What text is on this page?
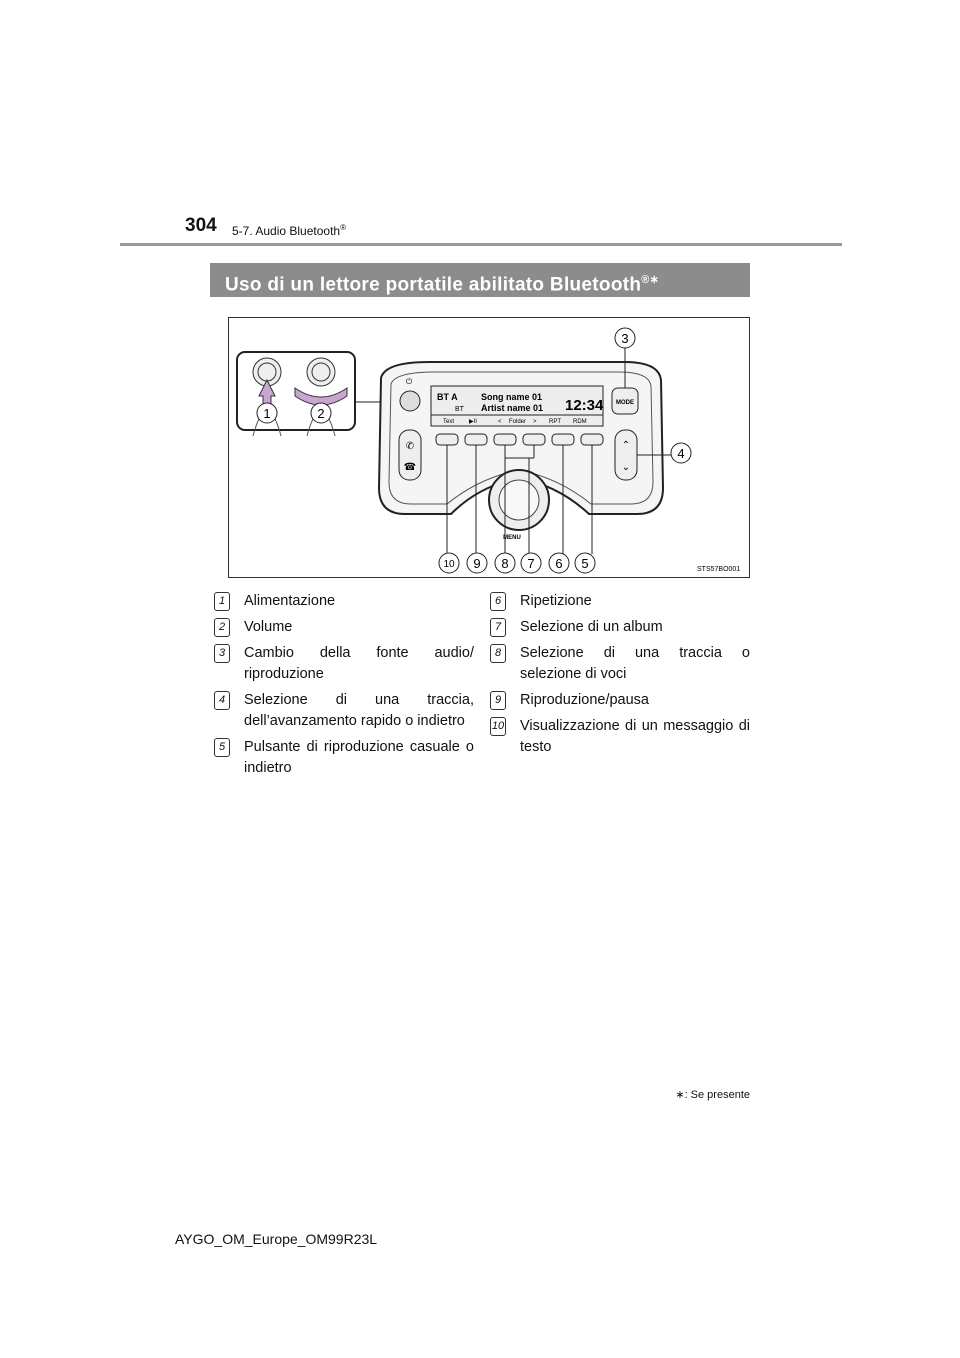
304 5-7. Audio Bluetooth®
Uso di un lettore portatile abilitato Bluetooth®∗
1	2
⏻
BT A
BT
Song name 01
Artist name 01 12:34
Text ▶II	< Folder > RPT RDM
MODE
✆
☎
⌃
⌄
MENU
3
4
5
6
7
8
9
10	STS57BO001
1	Alimentazione
2	Volume
3	Cambio della fonte audio/ riproduzione
4	Selezione di una traccia, dell’avanzamento rapido o indietro
5	Pulsante di riproduzione casuale o indietro
6	Ripetizione
7	Selezione di un album
8	Selezione di una traccia o selezione di voci
9	Riproduzione/pausa
10 Visualizzazione di un messaggio di testo
∗: Se presente
AYGO_OM_Europe_OM99R23L
